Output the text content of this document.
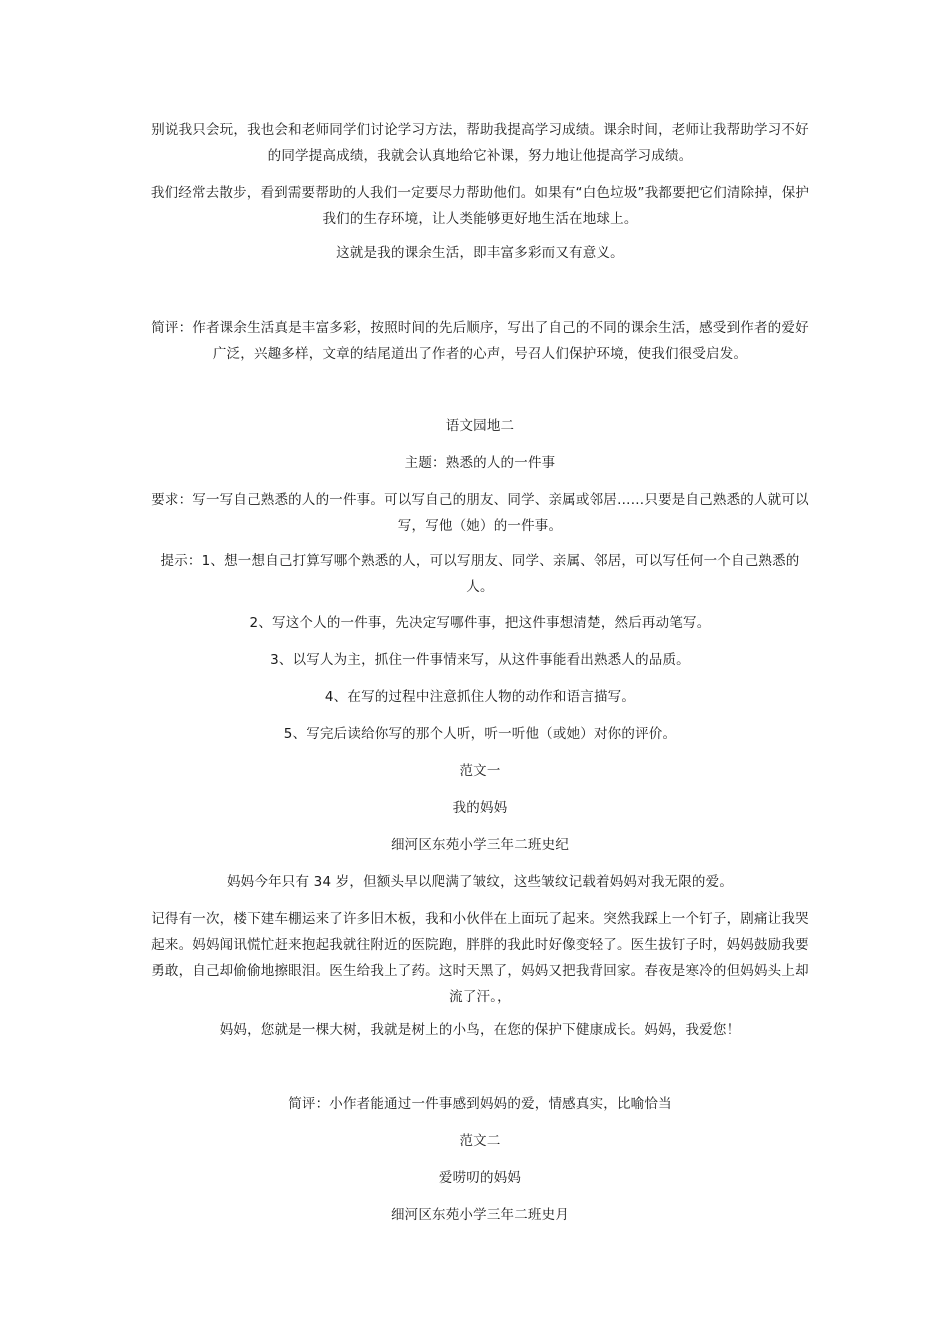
别说我只会玩，我也会和老师同学们讨论学习方法，帮助我提高学习成绩。课余时间，老师让我帮助学习不好的同学提高成绩，我就会认真地给它补课，努力地让他提高学习成绩。
我们经常去散步，看到需要帮助的人我们一定要尽力帮助他们。如果有“白色垃圾”我都要把它们清除掉，保护我们的生存环境，让人类能够更好地生活在地球上。
这就是我的课余生活，即丰富多彩而又有意义。
简评：作者课余生活真是丰富多彩，按照时间的先后顺序，写出了自己的不同的课余生活，感受到作者的爱好广泛，兴趣多样，文章的结尾道出了作者的心声，号召人们保护环境，使我们很受启发。
语文园地二
主题：熟悉的人的一件事
要求：写一写自己熟悉的人的一件事。可以写自己的朋友、同学、亲属或邻居……只要是自己熟悉的人就可以写，写他（她）的一件事。
提示：1、想一想自己打算写哪个熟悉的人，可以写朋友、同学、亲属、邻居，可以写任何一个自己熟悉的人。
2、写这个人的一件事，先决定写哪件事，把这件事想清楚，然后再动笔写。
3、以写人为主，抓住一件事情来写，从这件事能看出熟悉人的品质。
4、在写的过程中注意抓住人物的动作和语言描写。
5、写完后读给你写的那个人听，听一听他（或她）对你的评价。
范文一
我的妈妈
细河区东苑小学三年二班史纪
妈妈今年只有 34 岁，但额头早以爬满了皱纹，这些皱纹记载着妈妈对我无限的爱。
记得有一次，楼下建车棚运来了许多旧木板，我和小伙伴在上面玩了起来。突然我踩上一个钉子，剧痛让我哭起来。妈妈闻讯慌忙赶来抱起我就往附近的医院跑，胖胖的我此时好像变轻了。医生拔钉子时，妈妈鼓励我要勇敢，自己却偷偷地擦眼泪。医生给我上了药。这时天黑了，妈妈又把我背回家。春夜是寒冷的但妈妈头上却流了汗。，
妈妈，您就是一棵大树，我就是树上的小鸟，在您的保护下健康成长。妈妈，我爱您！
简评：小作者能通过一件事感到妈妈的爱，情感真实，比喻恰当
范文二
爱唠叨的妈妈
细河区东苑小学三年二班史月
